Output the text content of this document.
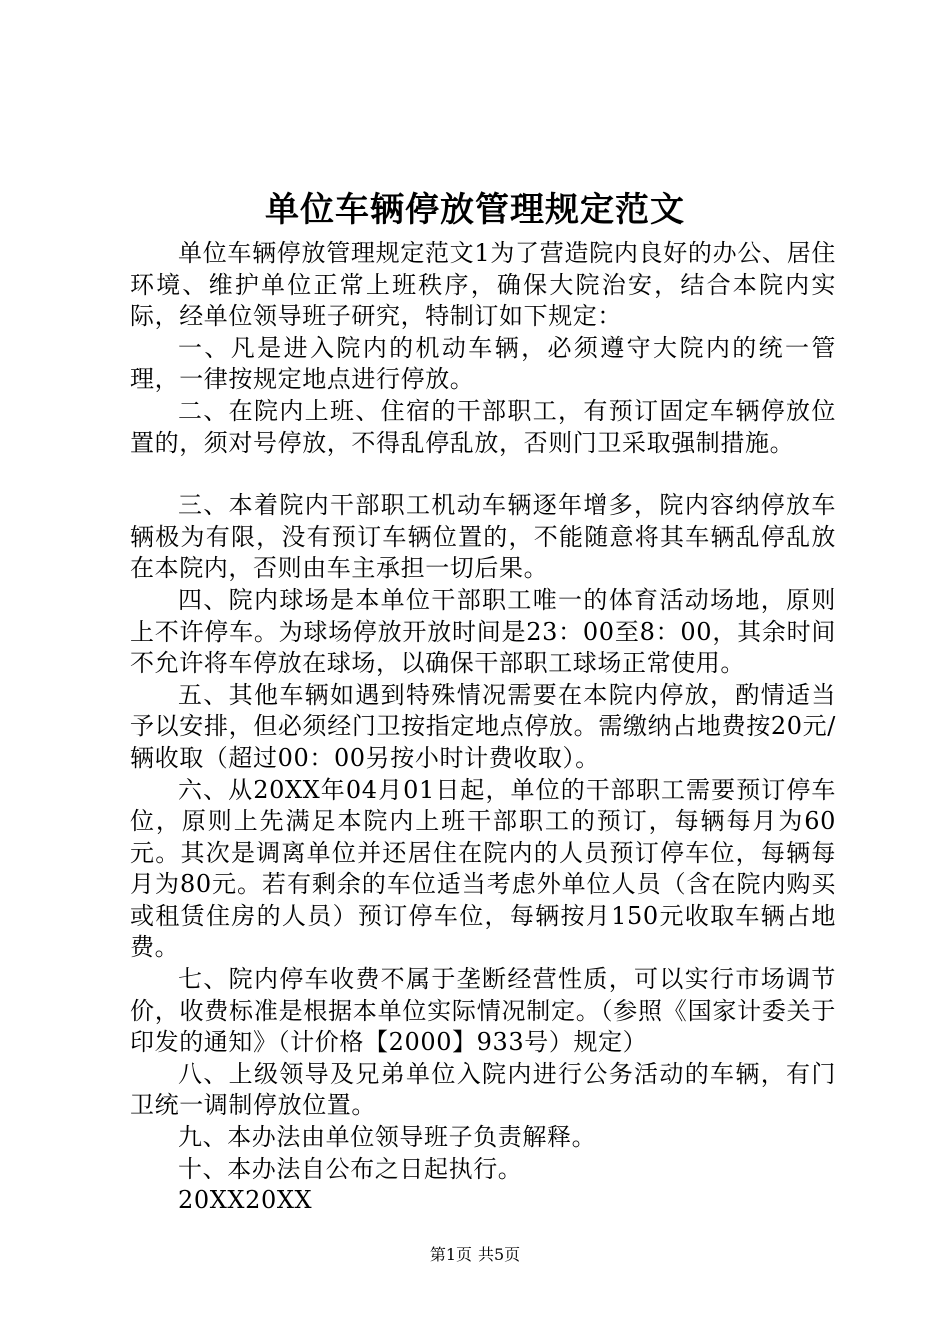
单位车辆停放管理规定范文

单位车辆停放管理规定范文1为了营造院内良好的办公、居住环境、维护单位正常上班秩序，确保大院治安，结合本院内实际，经单位领导班子研究，特制订如下规定：

一、凡是进入院内的机动车辆，必须遵守大院内的统一管理，一律按规定地点进行停放。

二、在院内上班、住宿的干部职工，有预订固定车辆停放位置的，须对号停放，不得乱停乱放，否则门卫采取强制措施。

三、本着院内干部职工机动车辆逐年增多，院内容纳停放车辆极为有限，没有预订车辆位置的，不能随意将其车辆乱停乱放在本院内，否则由车主承担一切后果。

四、院内球场是本单位干部职工唯一的体育活动场地，原则上不许停车。为球场停放开放时间是23：00至8：00，其余时间不允许将车停放在球场，以确保干部职工球场正常使用。

五、其他车辆如遇到特殊情况需要在本院内停放，酌情适当予以安排，但必须经门卫按指定地点停放。需缴纳占地费按20元/辆收取（超过00：00另按小时计费收取）。

六、从20XX年04月01日起，单位的干部职工需要预订停车位，原则上先满足本院内上班干部职工的预订，每辆每月为60元。其次是调离单位并还居住在院内的人员预订停车位，每辆每月为80元。若有剩余的车位适当考虑外单位人员（含在院内购买或租赁住房的人员）预订停车位，每辆按月150元收取车辆占地费。

七、院内停车收费不属于垄断经营性质，可以实行市场调节价，收费标准是根据本单位实际情况制定。（参照《国家计委关于印发的通知》（计价格【2000】933号）规定）

八、上级领导及兄弟单位入院内进行公务活动的车辆，有门卫统一调制停放位置。

九、本办法由单位领导班子负责解释。

十、本办法自公布之日起执行。

20XX20XX

第1页 共5页
